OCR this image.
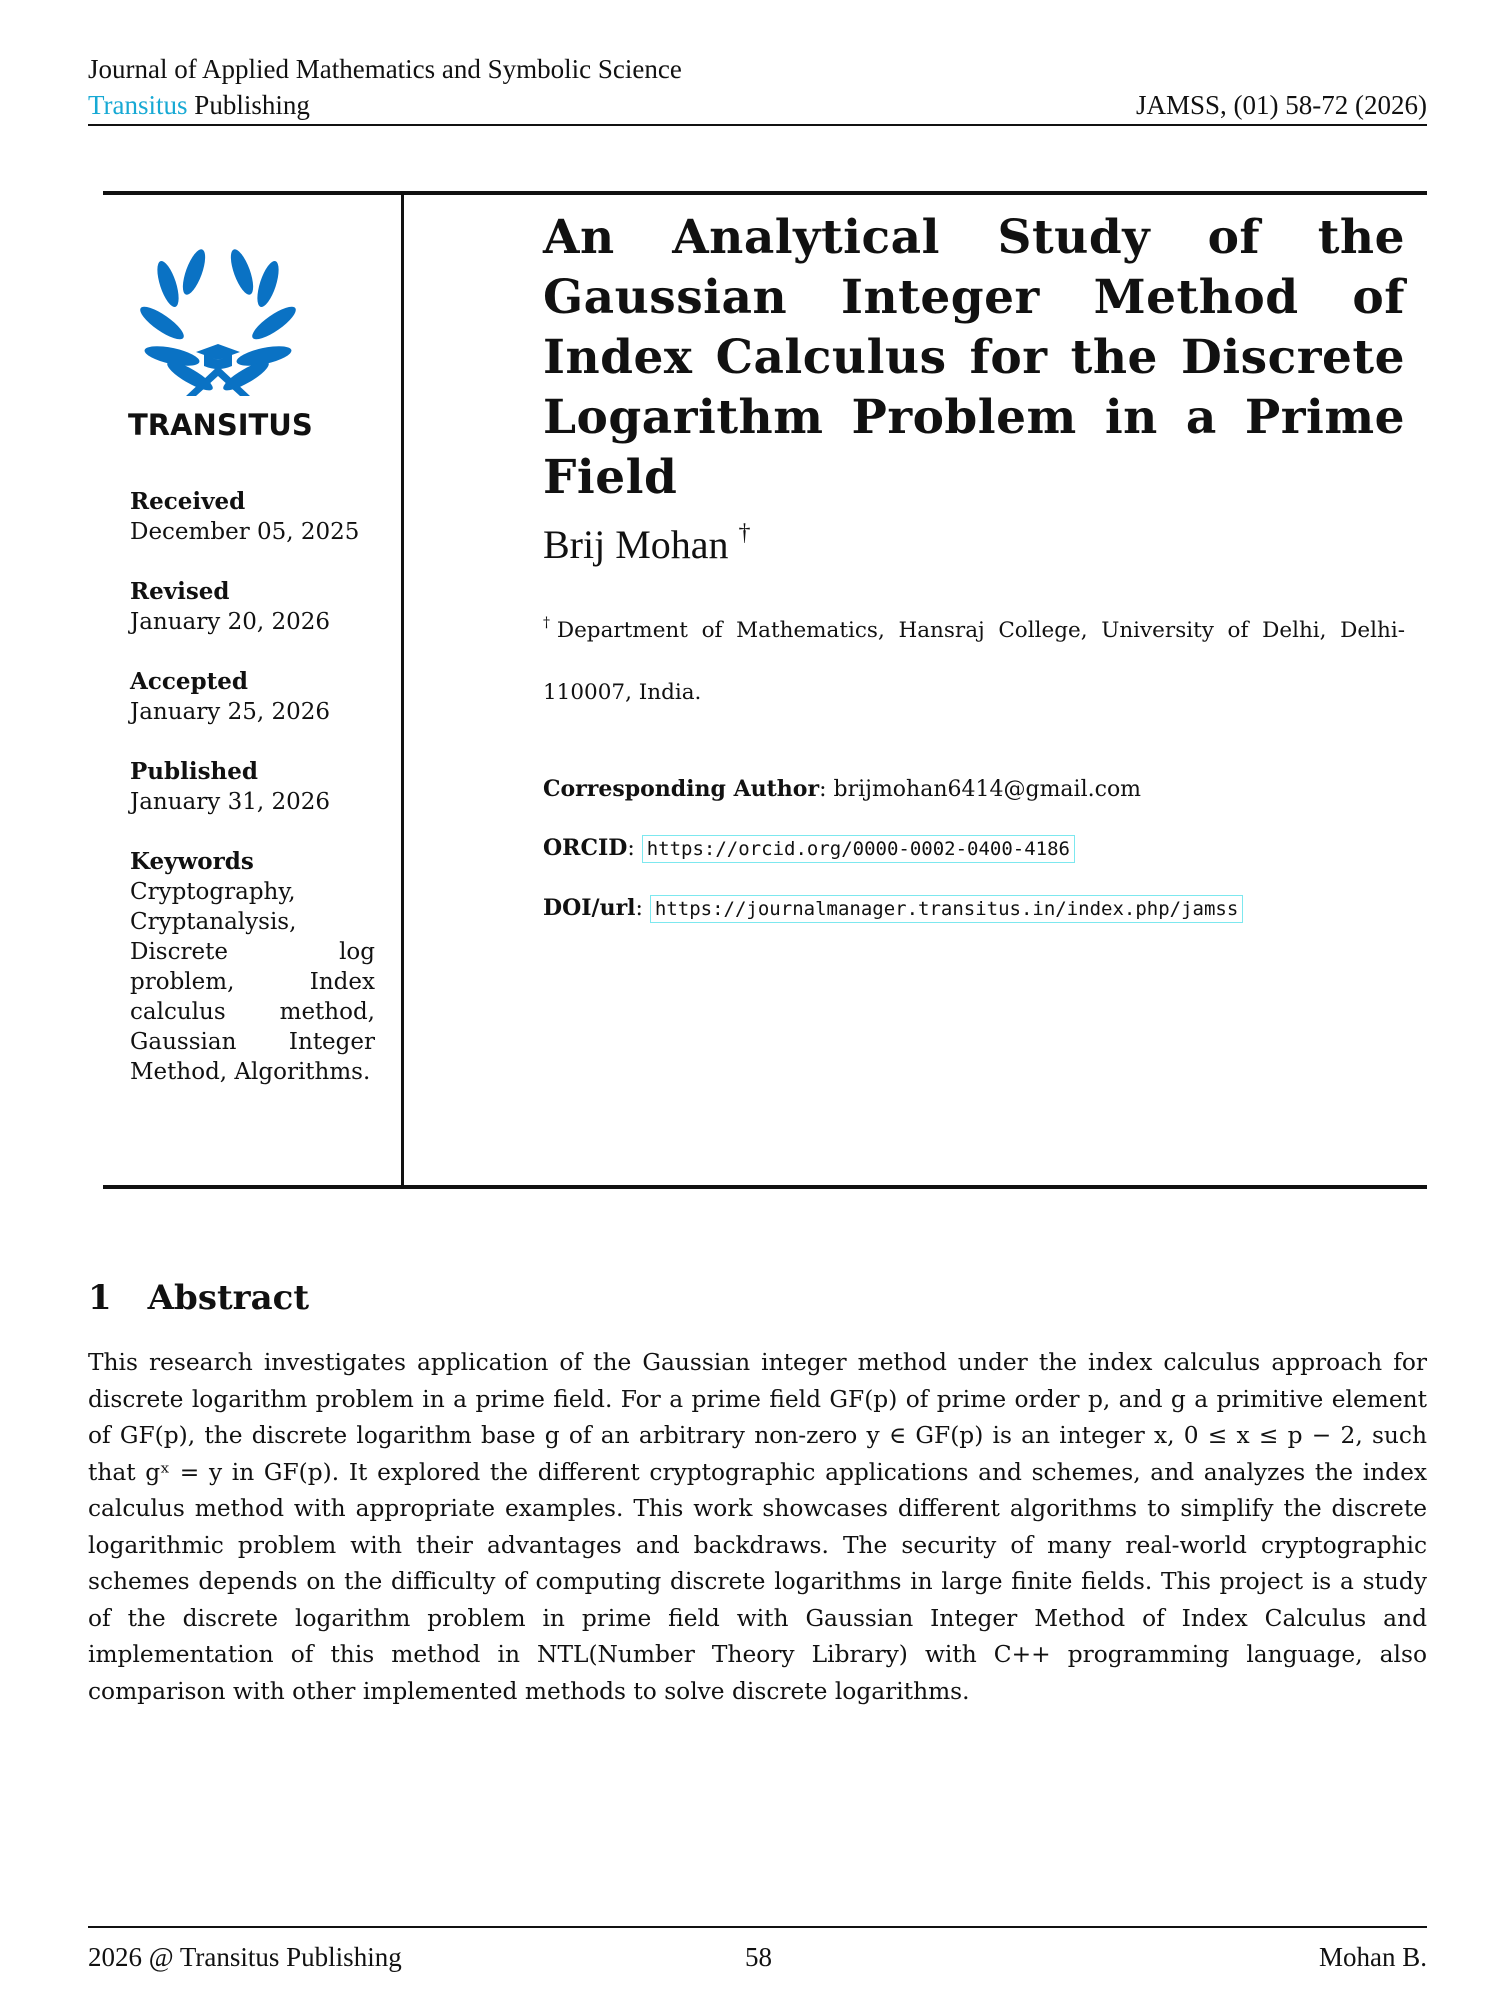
Journal of Applied Mathematics and Symbolic Science
Transitus Publishing	JAMSS, (01) 58-72 (2026)
TRANSITUS
Received
December 05, 2025
Revised
January 20, 2026
Accepted
January 25, 2026
Published
January 31, 2026
Keywords
Cryptography, Cryptanalysis, Discrete log problem, Index calculus method, Gaussian Integer Method, Algorithms.
An Analytical Study of the Gaussian Integer Method of Index Calculus for the Discrete Logarithm Problem in a Prime Field
Brij Mohan †
†Department of Mathematics, Hansraj College, University of Delhi, Delhi-110007, India.
Corresponding Author: brijmohan6414@gmail.com
ORCID: https://orcid.org/0000-0002-0400-4186
DOI/url: https://journalmanager.transitus.in/index.php/jamss
1 Abstract

This research investigates application of the Gaussian integer method under the index calculus approach for discrete logarithm problem in a prime field. For a prime field GF(p) of prime order p, and g a primitive element of GF(p), the discrete logarithm base g of an arbitrary non-zero y ∈ GF(p) is an integer x, 0 ≤ x ≤ p − 2, such that gˣ = y in GF(p). It explored the different cryptographic applications and schemes, and analyzes the index calculus method with appropriate examples. This work showcases different algorithms to simplify the discrete logarithmic problem with their advantages and backdraws. The security of many real-world cryptographic schemes depends on the difficulty of computing discrete logarithms in large finite fields. This project is a study of the discrete logarithm problem in prime field with Gaussian Integer Method of Index Calculus and implementation of this method in NTL(Number Theory Library) with C++ programming language, also comparison with other implemented methods to solve discrete logarithms.

2026 @ Transitus Publishing	58	Mohan B.
